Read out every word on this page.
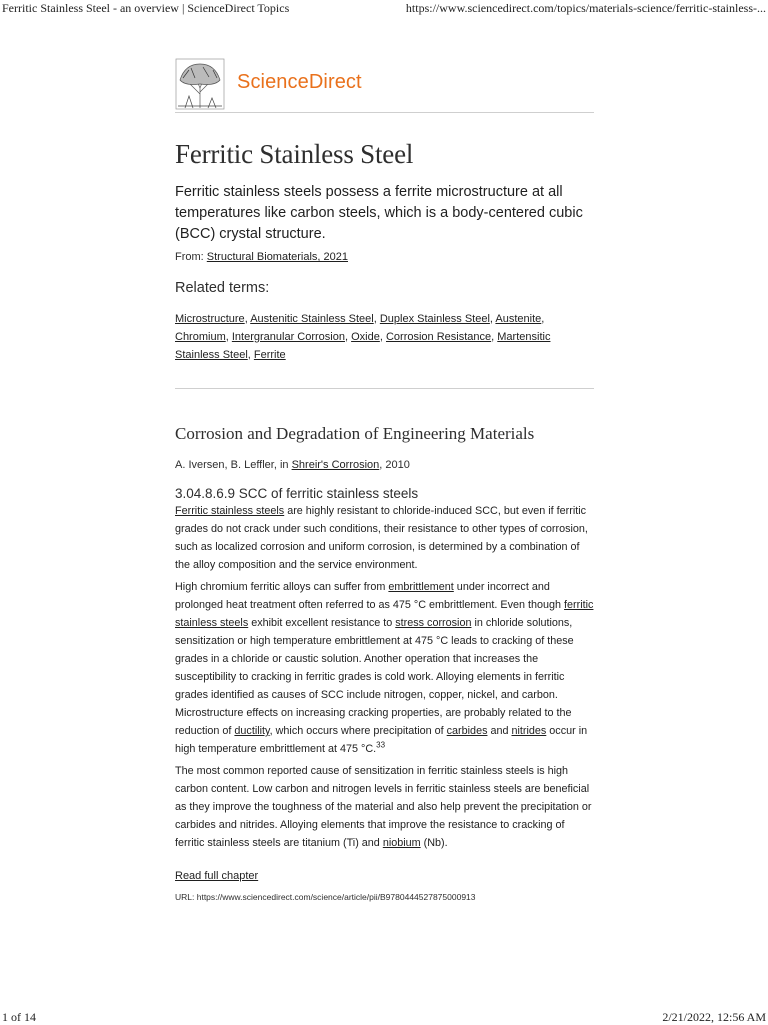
Ferritic Stainless Steel - an overview | ScienceDirect Topics	https://www.sciencedirect.com/topics/materials-science/ferritic-stainless-...
ScienceDirect
Ferritic Stainless Steel

Ferritic stainless steels possess a ferrite microstructure at all temperatures like carbon steels, which is a body-centered cubic (BCC) crystal structure.

From: Structural Biomaterials, 2021

Related terms:
Microstructure, Austenitic Stainless Steel, Duplex Stainless Steel, Austenite, Chromium, Intergranular Corrosion, Oxide, Corrosion Resistance, Martensitic Stainless Steel, Ferrite
Corrosion and Degradation of Engineering Materials

A. Iversen, B. Leffler, in Shreir's Corrosion, 2010

3.04.8.6.9 SCC of ferritic stainless steels

Ferritic stainless steels are highly resistant to chloride-induced SCC, but even if ferritic grades do not crack under such conditions, their resistance to other types of corrosion, such as localized corrosion and uniform corrosion, is determined by a combination of the alloy composition and the service environment.

High chromium ferritic alloys can suffer from embrittlement under incorrect and prolonged heat treatment often referred to as 475 °C embrittlement. Even though ferritic stainless steels exhibit excellent resistance to stress corrosion in chloride solutions, sensitization or high temperature embrittlement at 475 °C leads to cracking of these grades in a chloride or caustic solution. Another operation that increases the susceptibility to cracking in ferritic grades is cold work. Alloying elements in ferritic grades identified as causes of SCC include nitrogen, copper, nickel, and carbon. Microstructure effects on increasing cracking properties, are probably related to the reduction of ductility, which occurs where precipitation of carbides and nitrides occur in high temperature embrittlement at 475 °C.$^{33}$

The most common reported cause of sensitization in ferritic stainless steels is high carbon content. Low carbon and nitrogen levels in ferritic stainless steels are beneficial as they improve the toughness of the material and also help prevent the precipitation or carbides and nitrides. Alloying elements that improve the resistance to cracking of ferritic stainless steels are titanium (Ti) and niobium (Nb).

Read full chapter

URL: https://www.sciencedirect.com/science/article/pii/B9780444527875000913
1 of 14	2/21/2022, 12:56 AM
